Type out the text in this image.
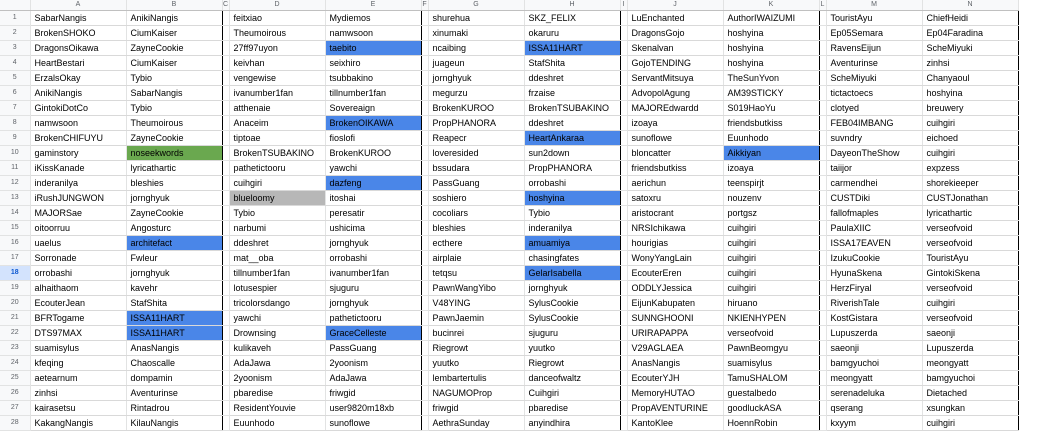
	A	B	C	D	E	F	G	H	I	J	K	L	M	N
1	SabarNangis	AnikiNangis		feitxiao	Mydiemos		shurehua	SKZ_FELIX		LuEnchanted	AuthorIWAIZUMI		TouristAyu	ChiefHeidi
2	BrokenSHOKO	CiumKaiser		Theumoirous	namwsoon		xinumaki	okaruru		DragonsGojo	hoshyina		Ep05Semara	Ep04Faradina
3	DragonsOikawa	ZayneCookie		27ff97uyon	taebito		ncaibing	ISSA11HART		Skenalvan	hoshyina		RavensEijun	ScheMiyuki
4	HeartBestari	CiumKaiser		keivhan	seixhiro		juageun	StafShita		GojoTENDING	hoshyina		Aventurinse	zinhsi
5	ErzalsOkay	Tybio		vengewise	tsubbakino		jornghyuk	ddeshret		ServantMitsuya	TheSunYvon		ScheMiyuki	Chanyaoul
6	AnikiNangis	SabarNangis		ivanumber1fan	tillnumber1fan		megurzu	frzaise		AdvopolAgung	AM39STICKY		tictactoecs	hoshyina
7	GintokiDotCo	Tybio		atthenaie	Sovereaign		BrokenKUROO	BrokenTSUBAKINO		MAJOREdwardd	S019HaoYu		clotyed	breuwery
8	namwsoon	Theumoirous		Anaceim	BrokenOIKAWA		PropPHANORA	ddeshret		izoaya	friendsbutkiss		FEB04IMBANG	cuihgiri
9	BrokenCHIFUYU	ZayneCookie		tiptoae	fioslofi		Reapecr	HeartAnkaraa		sunoflowe	Euunhodo		suvndry	eichoed
10	gaminstory	noseekwords		BrokenTSUBAKINO	BrokenKUROO		loveresided	sun2down		bloncatter	Aikkiyan		DayeonTheShow	cuihgiri
11	iKissKanade	lyricathartic		pathetictooru	yawchi		bssudara	PropPHANORA		friendsbutkiss	izoaya		taiijor	expzess
12	inderanilya	bleshies		cuihgiri	dazfeng		PassGuang	orrobashi		aerichun	teenspirjt		carmendhei	shorekieeper
13	iRushJUNGWON	jornghyuk		blueloomy	itoshai		soshiero	hoshyina		satoxru	nouzenv		CUSTDiki	CUSTJonathan
14	MAJORSae	ZayneCookie		Tybio	peresatir		cocoliars	Tybio		aristocrant	portgsz		fallofmaples	lyricathartic
15	oitoorruu	Angosturc		narbumi	ushicima		bleshies	inderanilya		NRSIchikawa	cuihgiri		PaulaXIIC	verseofvoid
16	uaelus	architefact		ddeshret	jornghyuk		ecthere	amuamiya		hourigias	cuihgiri		ISSA17EAVEN	verseofvoid
17	Sorronade	Fwleur		mat__oba	orrobashi		airplaie	chasingfates		WonyYangLain	cuihgiri		IzukuCookie	TouristAyu
18	orrobashi	jornghyuk		tillnumber1fan	ivanumber1fan		tetqsu	GelarIsabella		EcouterEren	cuihgiri		HyunaSkena	GintokiSkena
19	alhaithaom	kavehr		lotusespier	sjuguru		PawnWangYibo	jornghyuk		ODDLYJessica	cuihgiri		HerzFiryal	verseofvoid
20	EcouterJean	StafShita		tricolorsdango	jornghyuk		V48YING	SylusCookie		EijunKabupaten	hiruano		RiverishTale	cuihgiri
21	BFRTogame	ISSA11HART		yawchi	pathetictooru		PawnJaemin	SylusCookie		SUNNGHOONI	NKIENHYPEN		KostGistara	verseofvoid
22	DTS97MAX	ISSA11HART		Drownsing	GraceCelleste		bucinrei	sjuguru		URIRAPAPPA	verseofvoid		Lupuszerda	saeonji
23	suamisylus	AnasNangis		kulikaveh	PassGuang		Riegrowt	yuutko		V29AGLAEA	PawnBeomgyu		saeonji	Lupuszerda
24	kfeqing	Chaoscalle		AdaJawa	2yoonism		yuutko	Riegrowt		AnasNangis	suamisylus		bamgyuchoi	meongyatt
25	aetearnum	dompamin		2yoonism	AdaJawa		lembartertulis	danceofwaltz		EcouterYJH	TamuSHALOM		meongyatt	bamgyuchoi
26	zinhsi	Aventurinse		pbaredise	friwgid		NAGUMOProp	Cuihgiri		MemoryHUTAO	guestalbedo		serenadeluka	Dietached
27	kairasetsu	Rintadrou		ResidentYouvie	user9820m18xb		friwgid	pbaredise		PropAVENTURINE	goodluckASA		qserang	xsungkan
28	KakangNangis	KilauNangis		Euunhodo	sunoflowe		AethraSunday	anyindhira		KantoKlee	HoennRobin		kxyym	cuihgiri
